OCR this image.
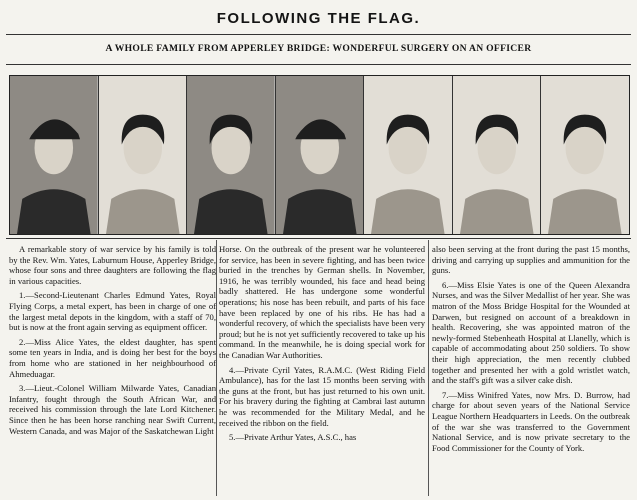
FOLLOWING THE FLAG.
A WHOLE FAMILY FROM APPERLEY BRIDGE: WONDERFUL SURGERY ON AN OFFICER

A remarkable story of war service by his family is told by the Rev. Wm. Yates, Laburnum House, Apperley Bridge, whose four sons and three daughters are following the flag in various capacities.

1.—Second-Lieutenant Charles Edmund Yates, Royal Flying Corps, a metal expert, has been in charge of one of the largest metal depots in the kingdom, with a staff of 70, but is now at the front again serving as equipment officer.

2.—Miss Alice Yates, the eldest daughter, has spent some ten years in India, and is doing her best for the boys from home who are stationed in her neighbourhood of Ahmeduagar.

3.—Lieut.-Colonel William Milwarde Yates, Canadian Infantry, fought through the South African War, and received his commission through the late Lord Kitchener. Since then he has been horse ranching near Swift Current, Western Canada, and was Major of the Saskatchewan Light

Horse. On the outbreak of the present war he volunteered for service, has been in severe fighting, and has been twice buried in the trenches by German shells. In November, 1916, he was terribly wounded, his face and head being badly shattered. He has undergone some wonderful operations; his nose has been rebuilt, and parts of his face have been replaced by one of his ribs. He has had a wonderful recovery, of which the specialists have been very proud; but he is not yet sufficiently recovered to take up his command. In the meanwhile, he is doing special work for the Canadian War Authorities.

4.—Private Cyril Yates, R.A.M.C. (West Riding Field Ambulance), has for the last 15 months been serving with the guns at the front, but has just returned to his own unit. For his bravery during the fighting at Cambrai last autumn he was recommended for the Military Medal, and he received the ribbon on the field.

5.—Private Arthur Yates, A.S.C., has

also been serving at the front during the past 15 months, driving and carrying up supplies and ammunition for the guns.

6.—Miss Elsie Yates is one of the Queen Alexandra Nurses, and was the Silver Medallist of her year. She was matron of the Moss Bridge Hospital for the Wounded at Darwen, but resigned on account of a breakdown in health. Recovering, she was appointed matron of the newly-formed Stebenheath Hospital at Llanelly, which is capable of accommodating about 250 soldiers. To show their high appreciation, the men recently clubbed together and presented her with a gold wristlet watch, and the staff's gift was a silver cake dish.

7.—Miss Winifred Yates, now Mrs. D. Burrow, had charge for about seven years of the National Service League Northern Headquarters in Leeds. On the outbreak of the war she was transferred to the Government National Service, and is now private secretary to the Food Commissioner for the County of York.
